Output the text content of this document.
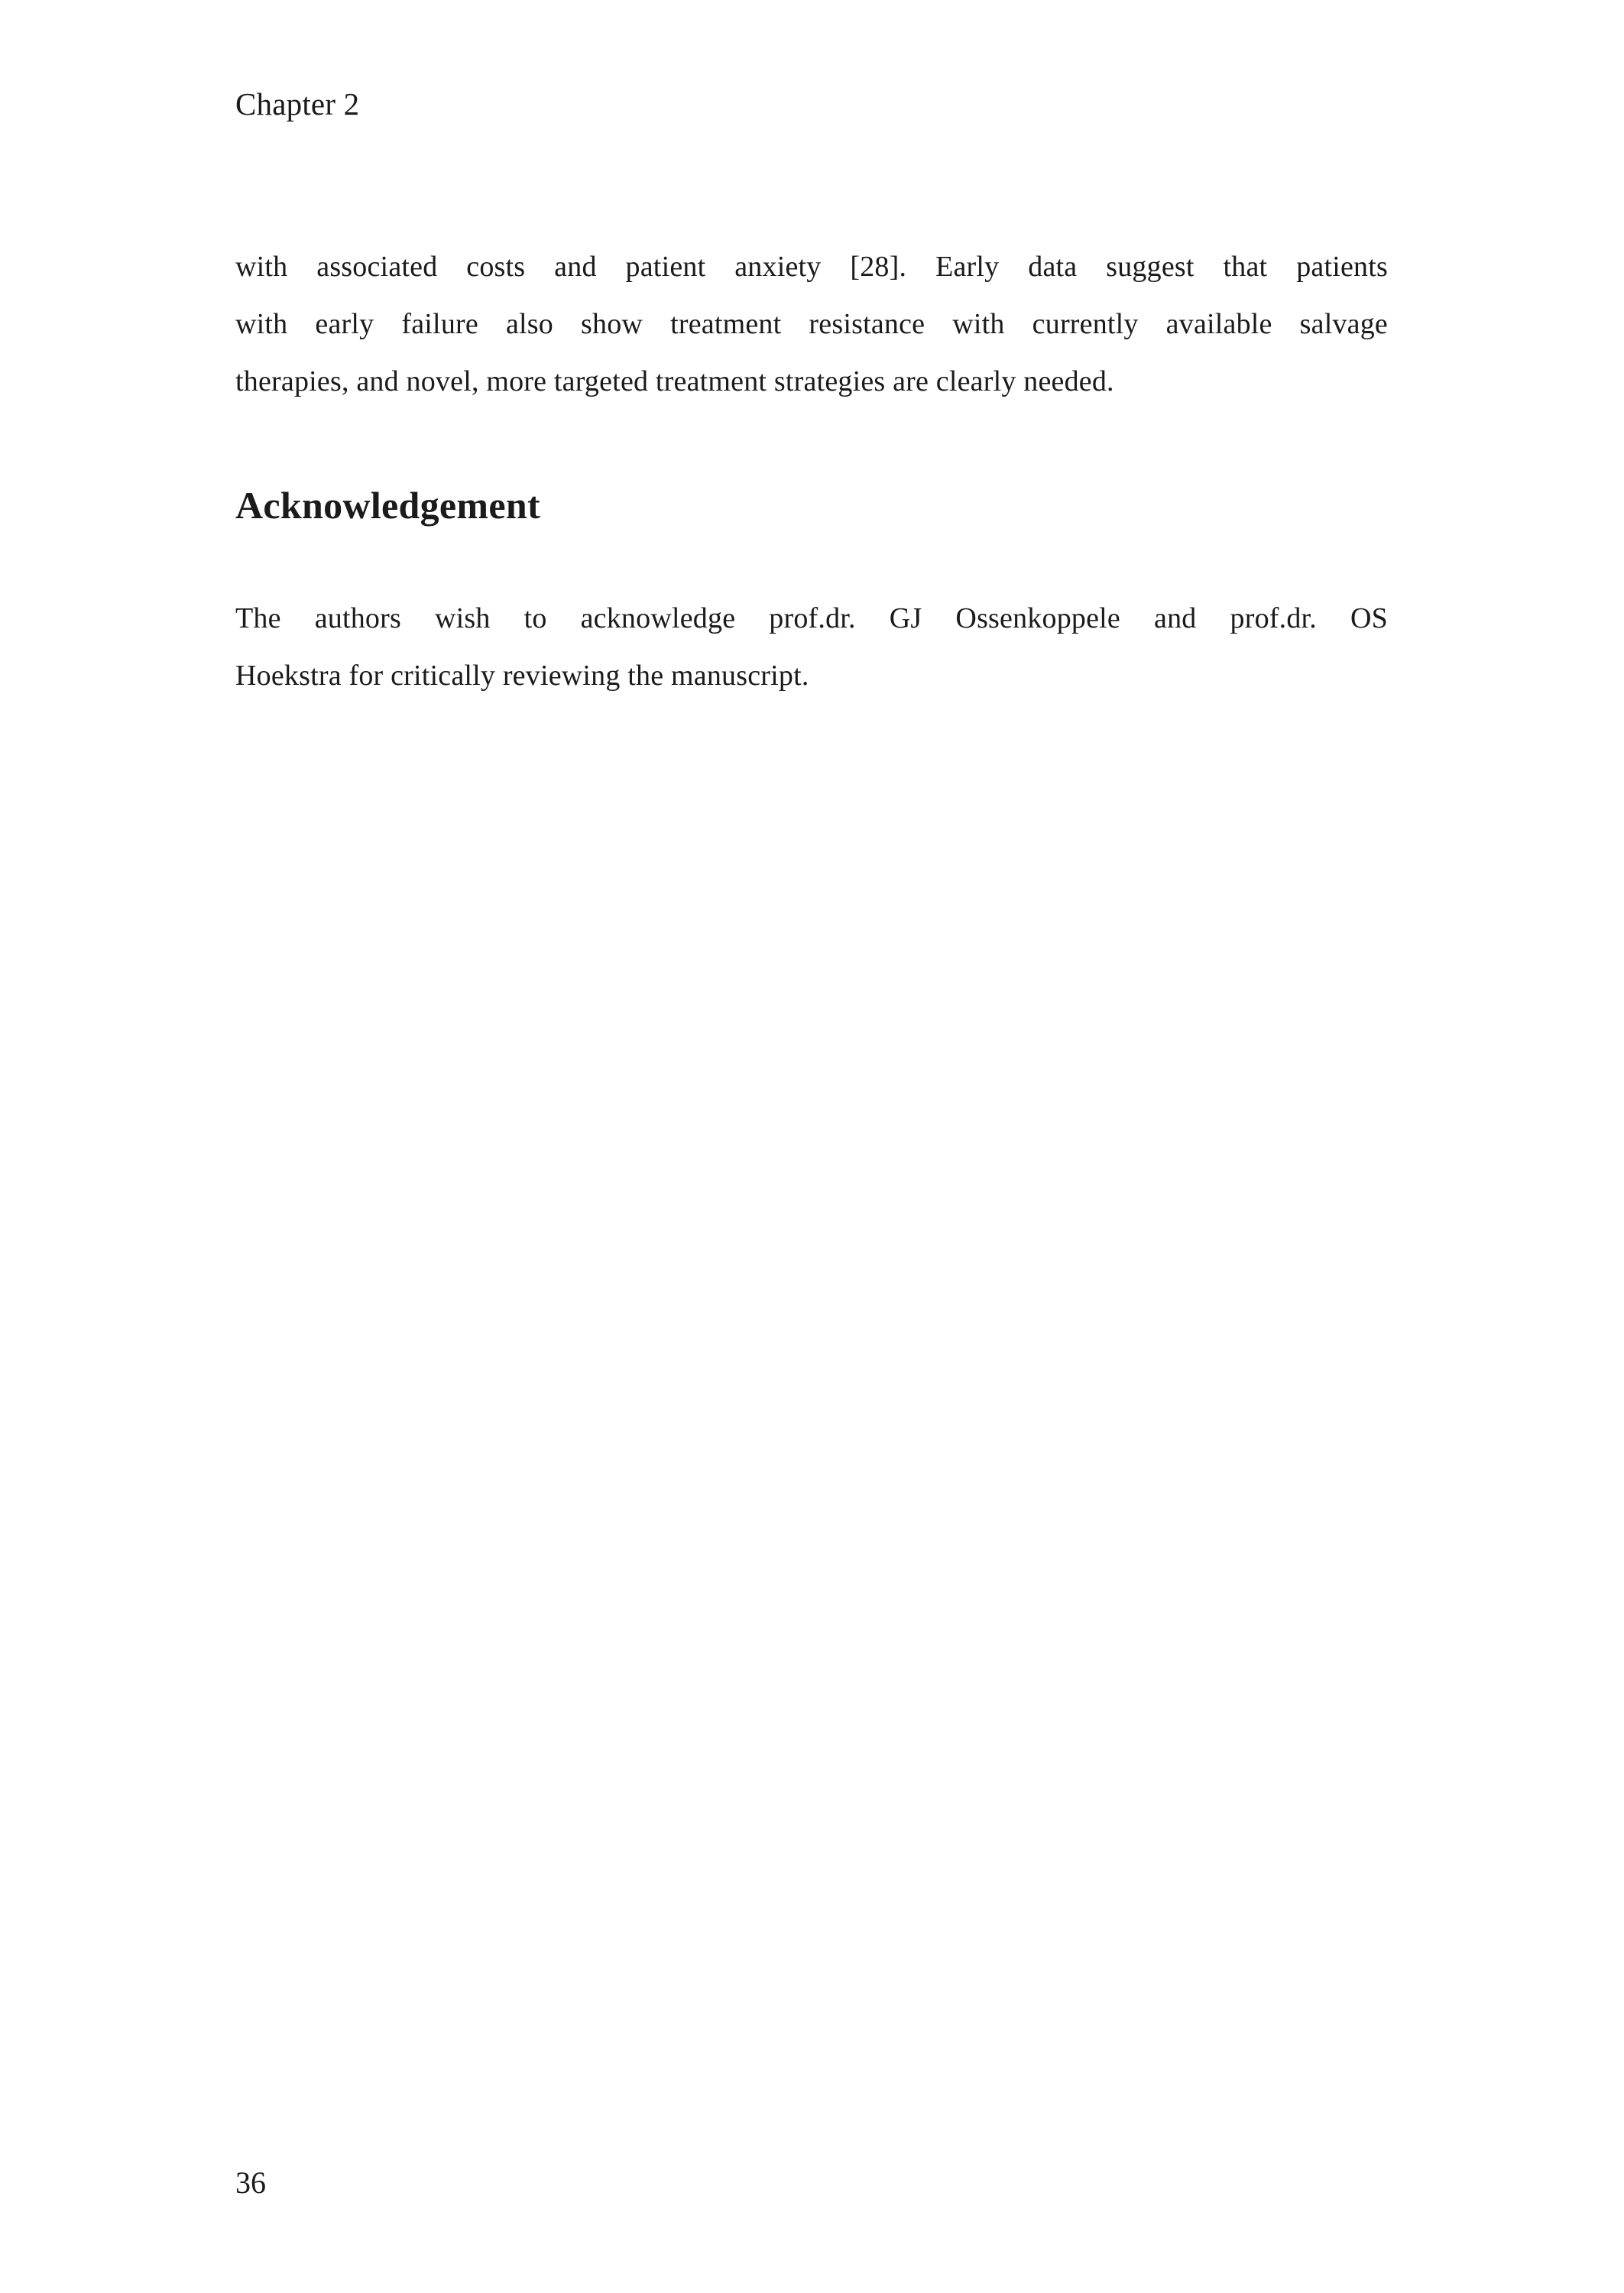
Chapter 2
with associated costs and patient anxiety [28]. Early data suggest that patients
with early failure also show treatment resistance with currently available salvage
therapies, and novel, more targeted treatment strategies are clearly needed.
Acknowledgement
The authors wish to acknowledge prof.dr. GJ Ossenkoppele and prof.dr. OS
Hoekstra for critically reviewing the manuscript.
36
